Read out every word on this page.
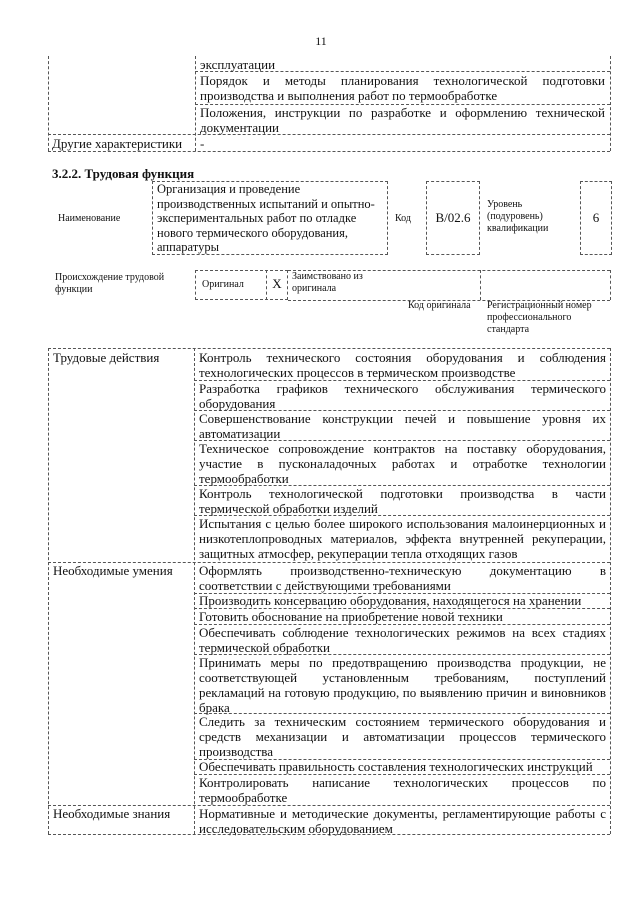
11
эксплуатации
Порядок и методы планирования технологической подготовки производства и выполнения работ по термообработке
Положения, инструкции по разработке и оформлению технической документации
Другие характеристики	-
3.2.2. Трудовая функция
Наименование
Организация и проведение производственных испытаний и опытно-экспериментальных работ по отладке нового термического оборудования, аппаратуры
Код	B/02.6
Уровень (подуровень) квалификации
6
Происхождение трудовой функции	Оригинал	X	Заимствовано из оригинала
Код оригинала Регистрационный номер профессионального стандарта
Трудовые действия	Контроль технического состояния оборудования и соблюдения технологических процессов в термическом производстве
Разработка графиков технического обслуживания термического оборудования
Совершенствование конструкции печей и повышение уровня их автоматизации
Техническое сопровождение контрактов на поставку оборудования, участие в пусконаладочных работах и отработке технологии термообработки
Контроль технологической подготовки производства в части термической обработки изделий
Испытания с целью более широкого использования малоинерционных и низкотеплопроводных материалов, эффекта внутренней рекуперации, защитных атмосфер, рекуперации тепла отходящих газов
Необходимые умения	Оформлять производственно-техническую документацию в соответствии с действующими требованиями
Производить консервацию оборудования, находящегося на хранении
Готовить обоснование на приобретение новой техники
Обеспечивать соблюдение технологических режимов на всех стадиях термической обработки
Принимать меры по предотвращению производства продукции, не соответствующей установленным требованиям, поступлений рекламаций на готовую продукцию, по выявлению причин и виновников брака
Следить за техническим состоянием термического оборудования и средств механизации и автоматизации процессов термического производства
Обеспечивать правильность составления технологических инструкций
Контролировать написание технологических процессов по термообработке
Необходимые знания	Нормативные и методические документы, регламентирующие работы с исследовательским оборудованием
